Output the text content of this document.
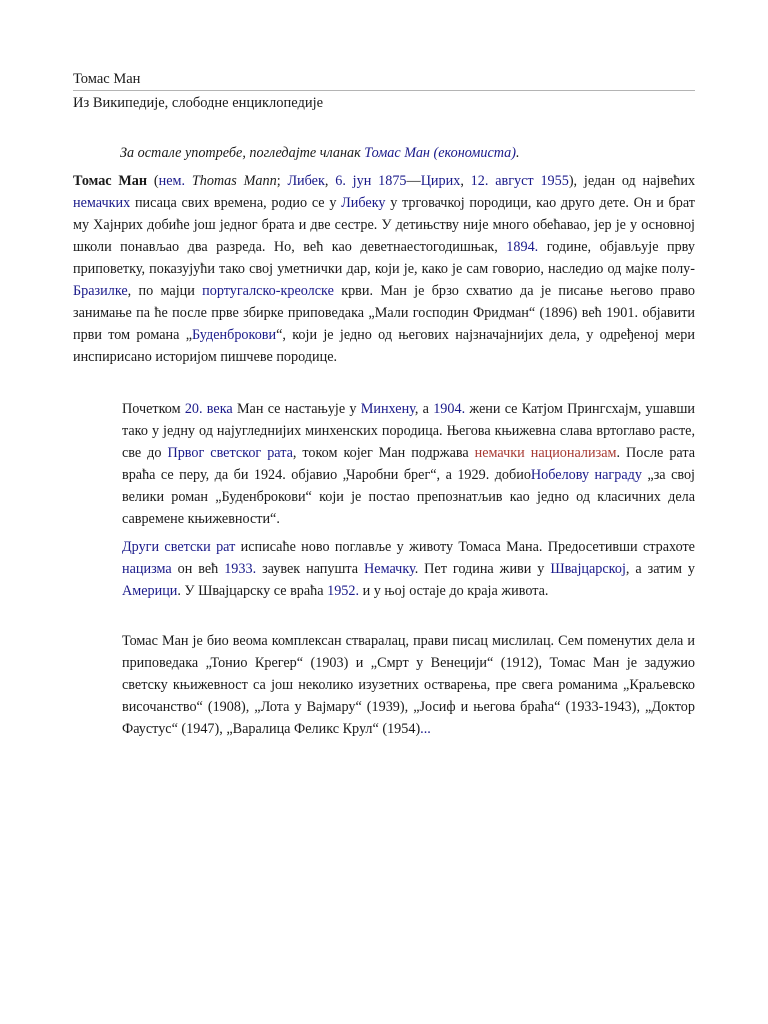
Томас Ман
Из Википедије, слободне енциклопедије
За остале употребе, погледајте чланак Томас Ман (економиста).

Томас Ман (нем. Thomas Mann; Либек, 6. јун 1875—Цирих, 12. август 1955), један од највећих немачких писаца свих времена, родио се у Либеку у трговачкој породици, као друго дете. Он и брат му Хајнрих добиће још једног брата и две сестре. У детињству није много обећавао, јер је у основној школи понављао два разреда. Но, већ као деветнаестогодишњак, 1894. године, објављује прву приповетку, показујући тако свој уметнички дар, који је, како је сам говорио, наследио од мајке полу-Бразилке, по мајци португалско-креолске крви. Ман је брзо схватио да је писање његово право занимање па ће после прве збирке приповедака „Мали господин Фридман“ (1896) већ 1901. објавити први том романа „Буденброкови“, који је једно од његових најзначајнијих дела, у одређеној мери инспирисано историјом пишчеве породице.

Почетком 20. века Ман се настањује у Минхену, а 1904. жени се Катјом Прингсхајм, ушавши тако у једну од најугледнијих минхенских породица. Његова књижевна слава вртоглаво расте, све до Првог светског рата, током којег Ман подржава немачки национализам. После рата враћа се перу, да би 1924. објавио „Чаробни брег“, а 1929. добиоНобелову награду „за свој велики роман „Буденброкови“ који је постао препознатљив као једно од класичних дела савремене књижевности“.

Други светски рат исписаће ново поглавље у животу Томаса Мана. Предосетивши страхоте нацизма он већ 1933. заувек напушта Немачку. Пет година живи у Швајцарској, а затим у Америци. У Швајцарску се враћа 1952. и у њој остаје до краја живота.

Томас Ман је био веома комплексан стваралац, прави писац мислилац. Сем поменутих дела и приповедака „Тонио Крегер“ (1903) и „Смрт у Венецији“ (1912), Томас Ман је задужио светску књижевност са још неколико изузетних остварења, пре свега романима „Краљевско височанство“ (1908), „Лота у Вајмару“ (1939), „Јосиф и његова браћа“ (1933-1943), „Доктор Фаустус“ (1947), „Варалица Феликс Крул“ (1954)...
